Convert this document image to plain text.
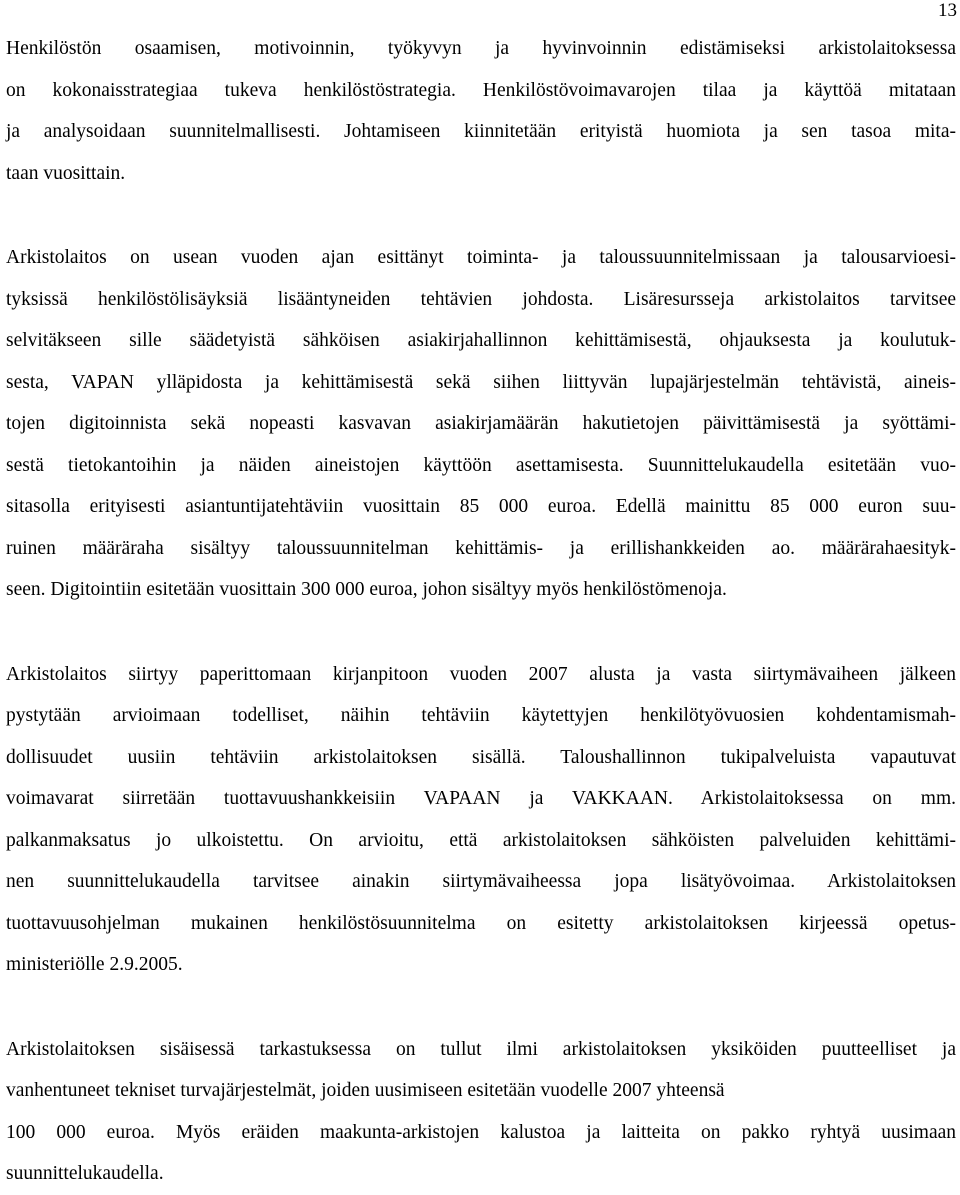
13

Henkilöstön osaamisen, motivoinnin, työkyvyn ja hyvinvoinnin edistämiseksi arkistolaitoksessa
on kokonaisstrategiaa tukeva henkilöstöstrategia. Henkilöstövoimavarojen tilaa ja käyttöä mitataan
ja analysoidaan suunnitelmallisesti. Johtamiseen kiinnitetään erityistä huomiota ja sen tasoa mita-
taan vuosittain.

Arkistolaitos on usean vuoden ajan esittänyt toiminta- ja taloussuunnitelmissaan ja talousarvioesi-
tyksissä henkilöstölisäyksiä lisääntyneiden tehtävien johdosta. Lisäresursseja arkistolaitos tarvitsee
selvitäkseen sille säädetyistä sähköisen asiakirjahallinnon kehittämisestä, ohjauksesta ja koulutuk-
sesta, VAPAN ylläpidosta ja kehittämisestä sekä siihen liittyvän lupajärjestelmän tehtävistä, aineis-
tojen digitoinnista sekä nopeasti kasvavan asiakirjamäärän hakutietojen päivittämisestä ja syöttämi-
sestä tietokantoihin ja näiden aineistojen käyttöön asettamisesta. Suunnittelukaudella esitetään vuo-
sitasolla erityisesti asiantuntijatehtäviin vuosittain 85 000 euroa. Edellä mainittu 85 000 euron suu-
ruinen määräraha sisältyy taloussuunnitelman kehittämis- ja erillishankkeiden ao. määrärahaesityk-
seen. Digitointiin esitetään vuosittain 300 000 euroa, johon sisältyy myös henkilöstömenoja.

Arkistolaitos siirtyy paperittomaan kirjanpitoon vuoden 2007 alusta ja vasta siirtymävaiheen jälkeen
pystytään arvioimaan todelliset, näihin tehtäviin käytettyjen henkilötyövuosien kohdentamismah-
dollisuudet uusiin tehtäviin arkistolaitoksen sisällä. Taloushallinnon tukipalveluista vapautuvat
voimavarat siirretään tuottavuushankkeisiin VAPAAN ja VAKKAAN. Arkistolaitoksessa on mm.
palkanmaksatus jo ulkoistettu. On arvioitu, että arkistolaitoksen sähköisten palveluiden kehittämi-
nen suunnittelukaudella tarvitsee ainakin siirtymävaiheessa jopa lisätyövoimaa. Arkistolaitoksen
tuottavuusohjelman mukainen henkilöstösuunnitelma on esitetty arkistolaitoksen kirjeessä opetus-
ministeriölle 2.9.2005.

Arkistolaitoksen sisäisessä tarkastuksessa on tullut ilmi arkistolaitoksen yksiköiden puutteelliset ja
vanhentuneet tekniset turvajärjestelmät, joiden uusimiseen esitetään vuodelle 2007 yhteensä
100 000 euroa. Myös eräiden maakunta-arkistojen kalustoa ja laitteita on pakko ryhtyä uusimaan
suunnittelukaudella.
